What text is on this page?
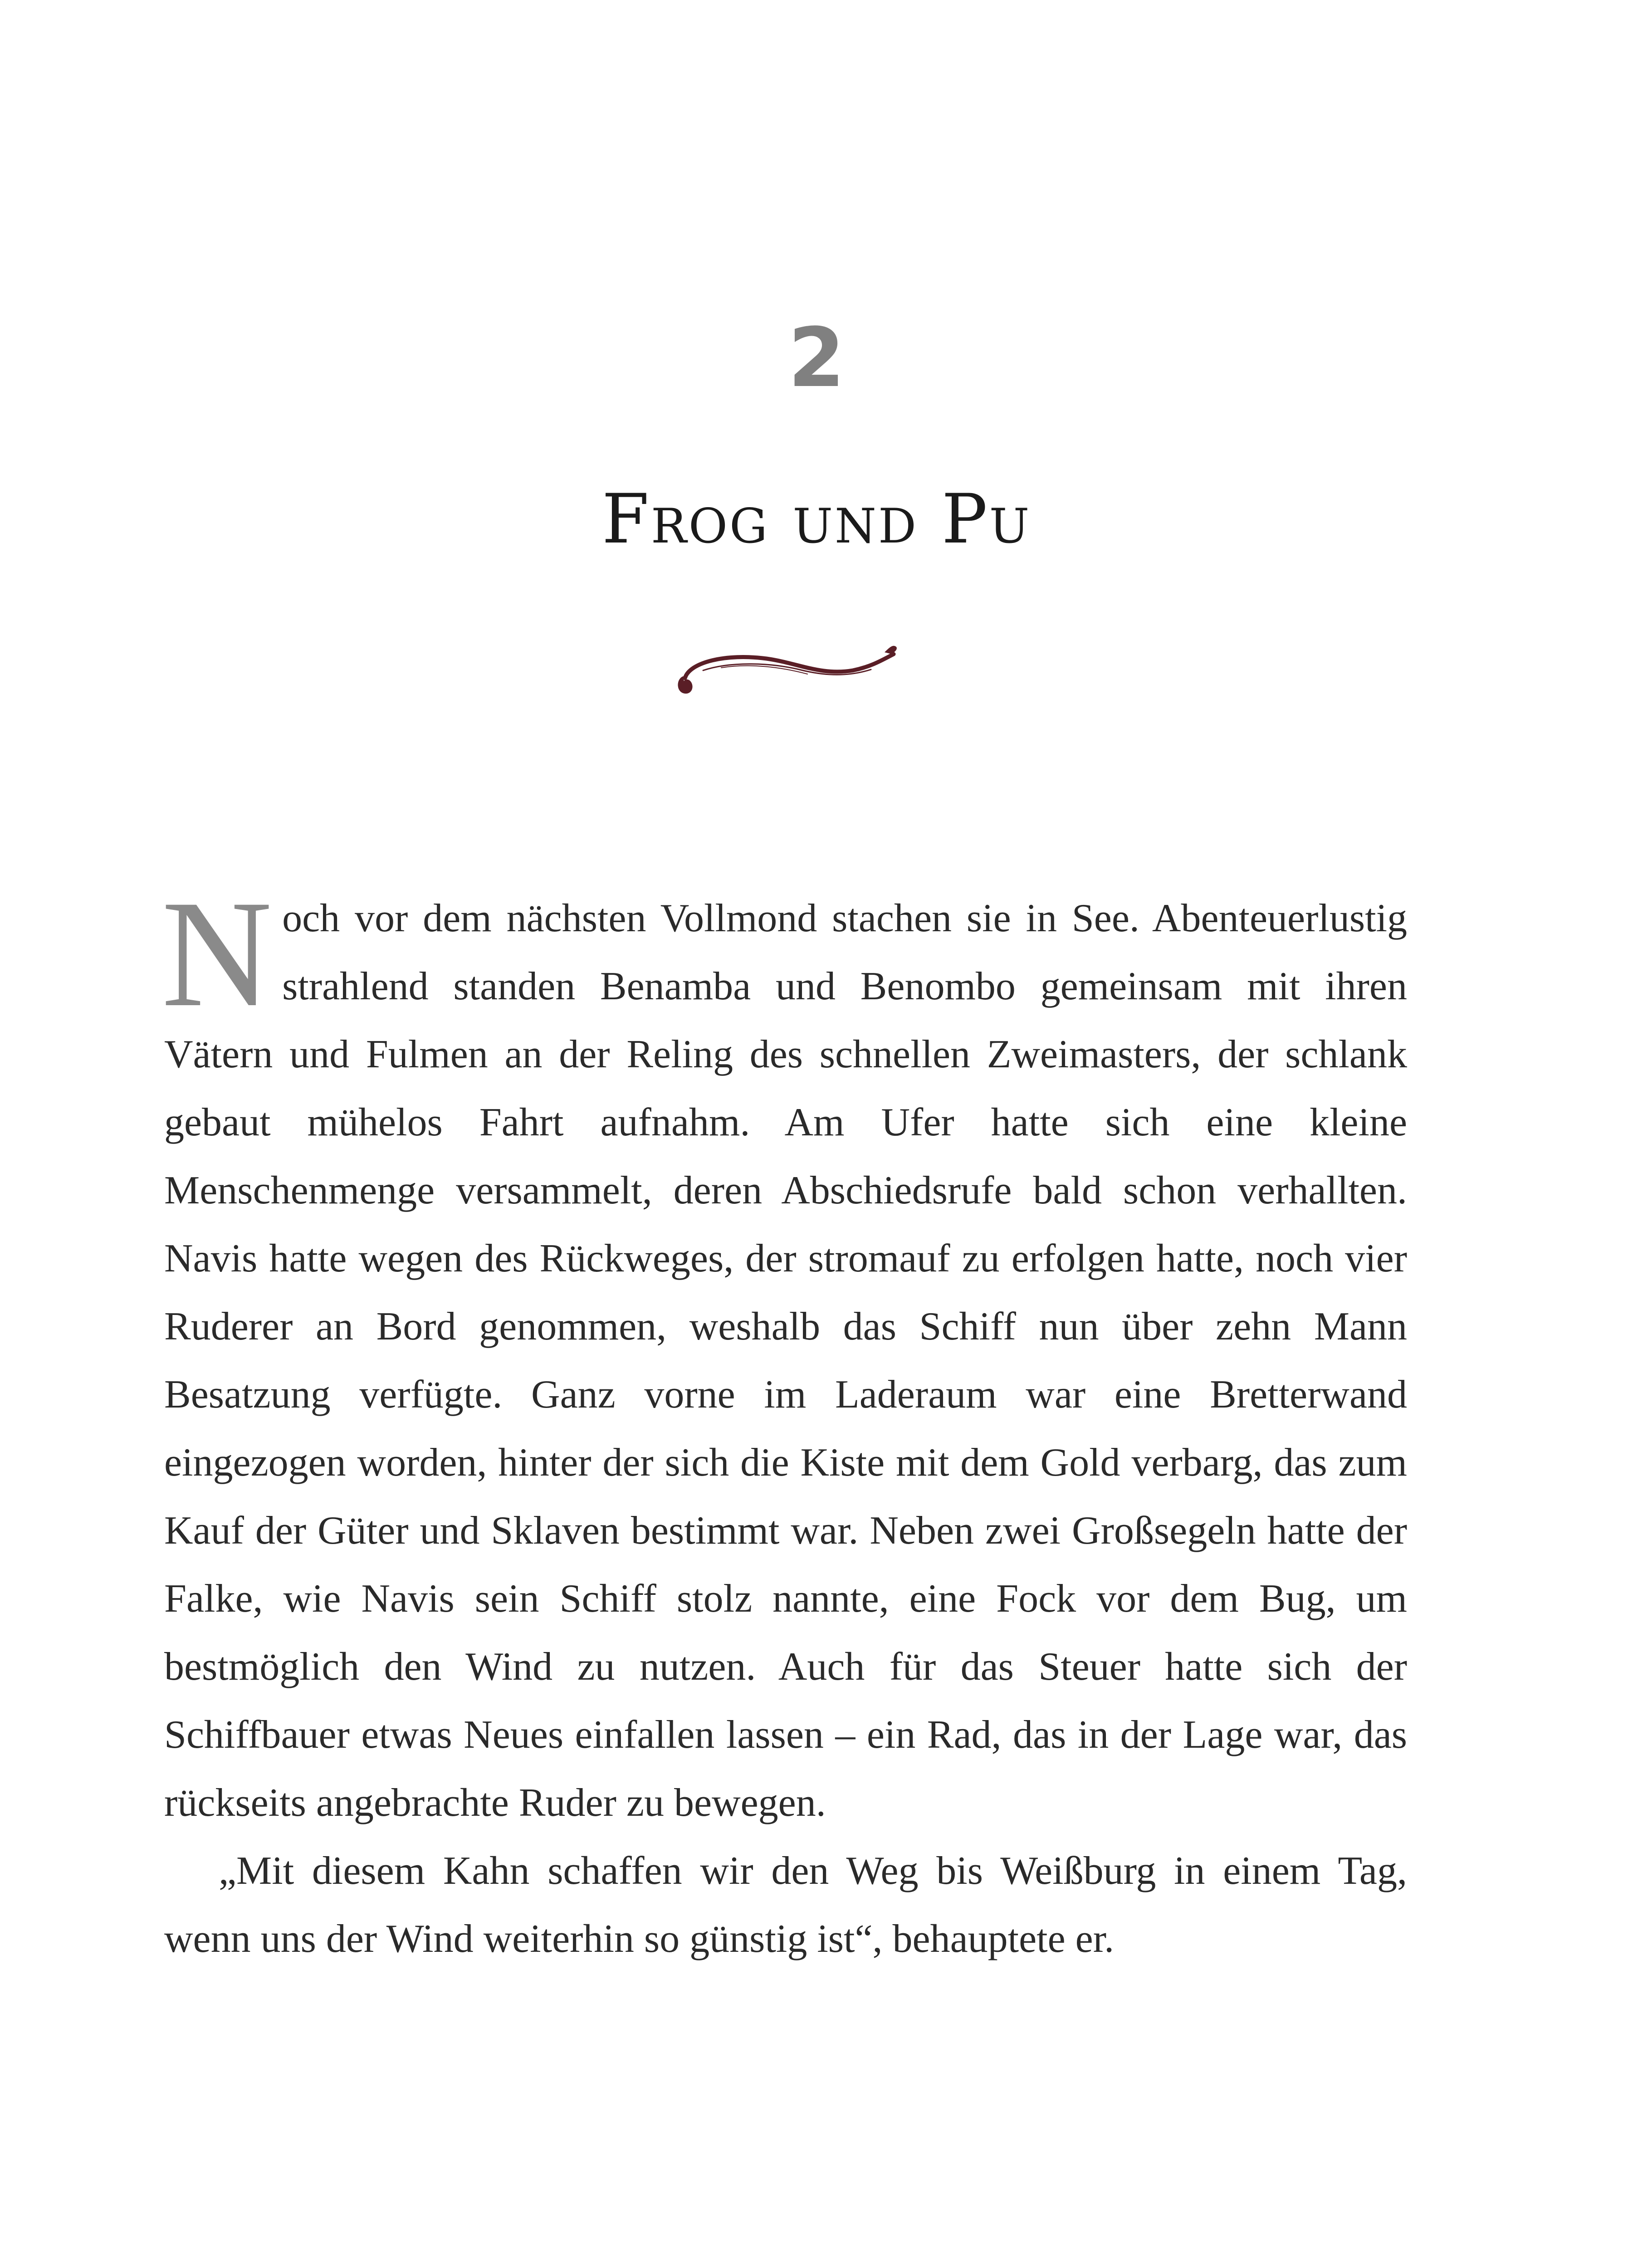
2
Frog und Pu

Noch vor dem nächsten Vollmond stachen sie in See. Abenteuerlustig strahlend standen Benamba und Benombo gemeinsam mit ihren Vätern und Fulmen an der Reling des schnellen Zweimasters, der schlank gebaut mühelos Fahrt aufnahm. Am Ufer hatte sich eine kleine Menschenmenge versammelt, deren Abschiedsrufe bald schon verhallten. Navis hatte wegen des Rückweges, der stromauf zu erfolgen hatte, noch vier Ruderer an Bord genommen, weshalb das Schiff nun über zehn Mann Besatzung verfügte. Ganz vorne im Laderaum war eine Bretterwand eingezogen worden, hinter der sich die Kiste mit dem Gold verbarg, das zum Kauf der Güter und Sklaven bestimmt war. Neben zwei Großsegeln hatte der Falke, wie Navis sein Schiff stolz nannte, eine Fock vor dem Bug, um bestmöglich den Wind zu nutzen. Auch für das Steuer hatte sich der Schiffbauer etwas Neues einfallen lassen – ein Rad, das in der Lage war, das rückseits angebrachte Ruder zu bewegen.

„Mit diesem Kahn schaffen wir den Weg bis Weißburg in einem Tag, wenn uns der Wind weiterhin so günstig ist“, behauptete er.
